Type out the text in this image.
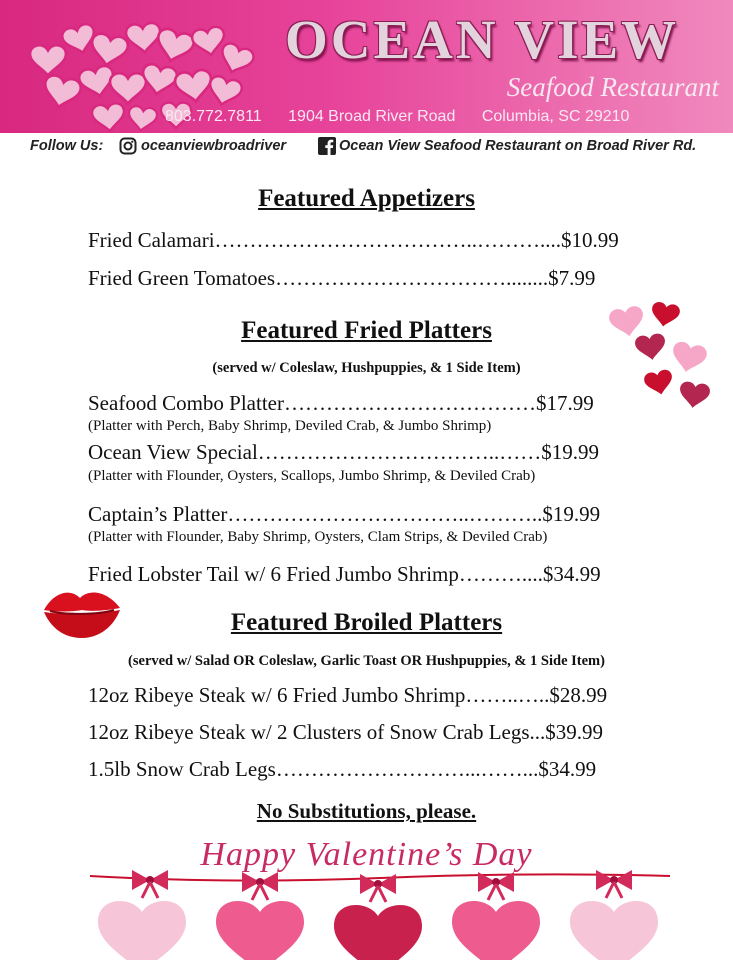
OCEAN VIEW
Seafood Restaurant
803.772.7811 1904 Broad River Road Columbia, SC 29210
Follow Us:	oceanviewbroadriver	Ocean View Seafood Restaurant on Broad River Rd.
Featured Appetizers
Fried Calamari………………………………..………....$10.99
Fried Green Tomatoes……………………………........$7.99
Featured Fried Platters
(served w/ Coleslaw, Hushpuppies, & 1 Side Item)
Seafood Combo Platter………………………………$17.99
(Platter with Perch, Baby Shrimp, Deviled Crab, & Jumbo Shrimp)
Ocean View Special……………………………..……$19.99
(Platter with Flounder, Oysters, Scallops, Jumbo Shrimp, & Deviled Crab)
Captain’s Platter……………………………..………..$19.99
(Platter with Flounder, Baby Shrimp, Oysters, Clam Strips, & Deviled Crab)
Fried Lobster Tail w/ 6 Fried Jumbo Shrimp………....$34.99
Featured Broiled Platters
(served w/ Salad OR Coleslaw, Garlic Toast OR Hushpuppies, & 1 Side Item)
12oz Ribeye Steak w/ 6 Fried Jumbo Shrimp……..…..$28.99
12oz Ribeye Steak w/ 2 Clusters of Snow Crab Legs...$39.99
1.5lb Snow Crab Legs………………………...……...$34.99
No Substitutions, please.
Happy Valentine’s Day
